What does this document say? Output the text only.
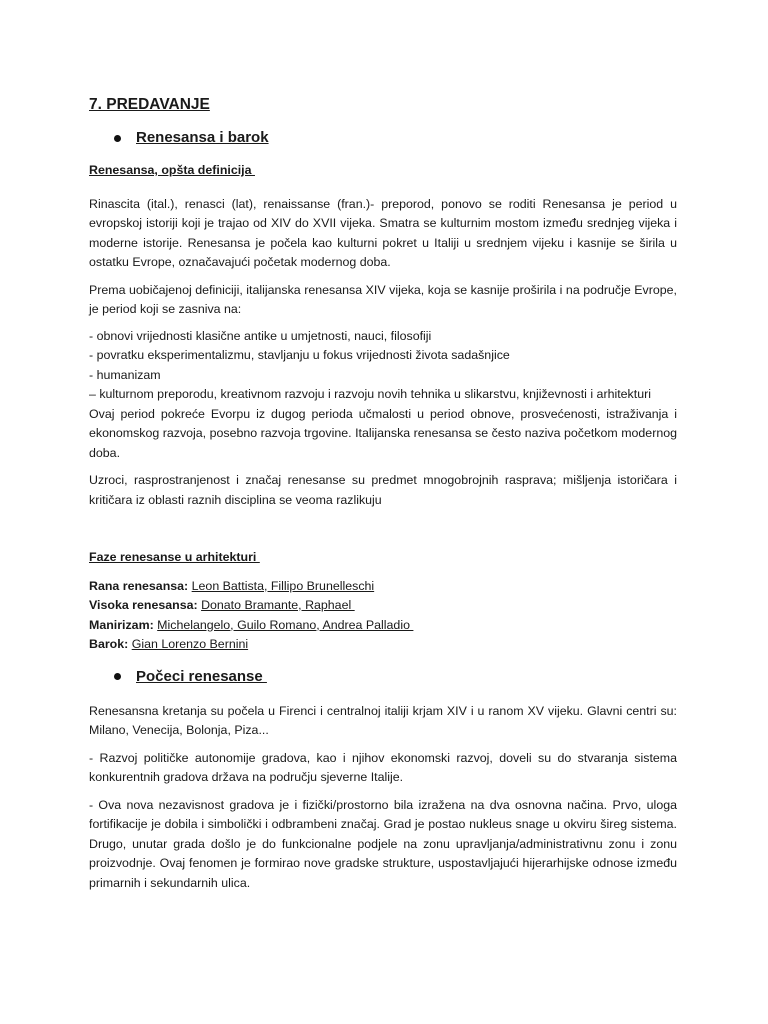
7. PREDAVANJE
Renesansa i barok
Renesansa, opšta definicija

Rinascita (ital.), renasci (lat), renaissanse (fran.)- preporod, ponovo se roditi Renesansa je period u evropskoj istoriji koji je trajao od XIV do XVII vijeka. Smatra se kulturnim mostom između srednjeg vijeka i moderne istorije. Renesansa je počela kao kulturni pokret u Italiji u srednjem vijeku i kasnije se širila u ostatku Evrope, označavajući početak modernog doba.

Prema uobičajenoj definiciji, italijanska renesansa XIV vijeka, koja se kasnije proširila i na područje Evrope, je period koji se zasniva na:

- obnovi vrijednosti klasične antike u umjetnosti, nauci, filosofiji
- povratku eksperimentalizmu, stavljanju u fokus vrijednosti života sadašnjice
- humanizam
– kulturnom preporodu, kreativnom razvoju i razvoju novih tehnika u slikarstvu, književnosti i arhitekturi

Ovaj period pokreće Evorpu iz dugog perioda učmalosti u period obnove, prosvećenosti, istraživanja i ekonomskog razvoja, posebno razvoja trgovine. Italijanska renesansa se često naziva početkom modernog doba.

Uzroci, rasprostranjenost i značaj renesanse su predmet mnogobrojnih rasprava; mišljenja istoričara i kritičara iz oblasti raznih disciplina se veoma razlikuju

Faze renesanse u arhitekturi
Rana renesansa: Leon Battista, Fillipo Brunelleschi
Visoka renesansa: Donato Bramante, Raphael
Manirizam: Michelangelo, Guilo Romano, Andrea Palladio
Barok: Gian Lorenzo Bernini
Počeci renesanse

Renesansna kretanja su počela u Firenci i centralnoj italiji krjam XIV i u ranom XV vijeku. Glavni centri su: Milano, Venecija, Bolonja, Piza...

- Razvoj političke autonomije gradova, kao i njihov ekonomski razvoj, doveli su do stvaranja sistema konkurentnih gradova država na području sjeverne Italije.

- Ova nova nezavisnost gradova je i fizički/prostorno bila izražena na dva osnovna načina. Prvo, uloga fortifikacije je dobila i simbolički i odbrambeni značaj. Grad je postao nukleus snage u okviru šireg sistema. Drugo, unutar grada došlo je do funkcionalne podjele na zonu upravljanja/administrativnu zonu i zonu proizvodnje. Ovaj fenomen je formirao nove gradske strukture, uspostavljajući hijerarhijske odnose između primarnih i sekundarnih ulica.
